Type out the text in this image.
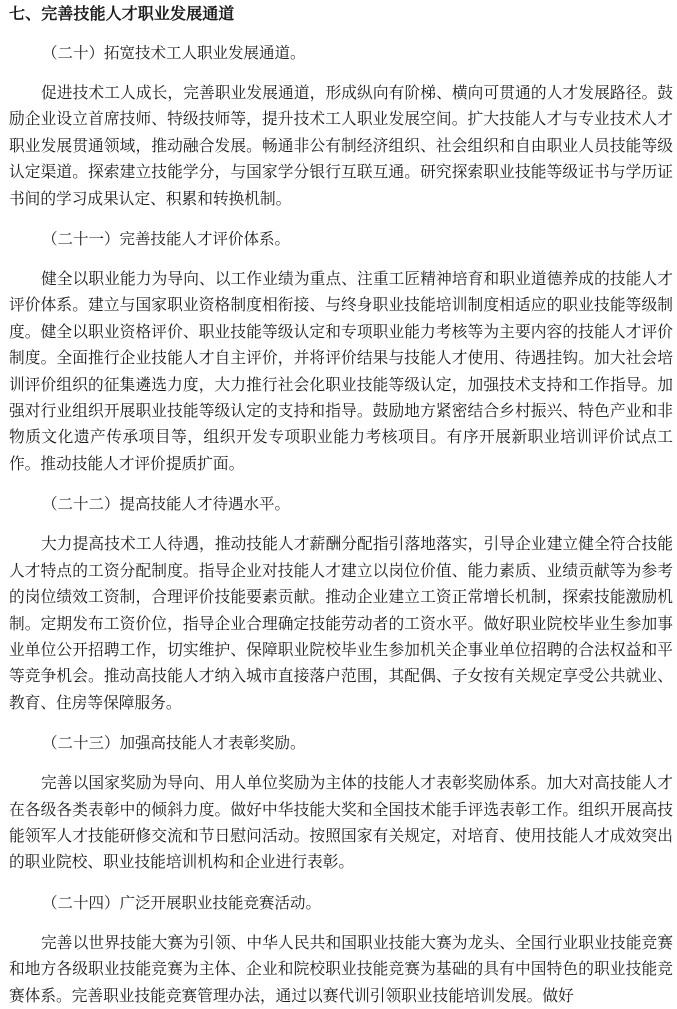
七、完善技能人才职业发展通道

（二十）拓宽技术工人职业发展通道。

促进技术工人成长，完善职业发展通道，形成纵向有阶梯、横向可贯通的人才发展路径。鼓励企业设立首席技师、特级技师等，提升技术工人职业发展空间。扩大技能人才与专业技术人才职业发展贯通领域，推动融合发展。畅通非公有制经济组织、社会组织和自由职业人员技能等级认定渠道。探索建立技能学分，与国家学分银行互联互通。研究探索职业技能等级证书与学历证书间的学习成果认定、积累和转换机制。

（二十一）完善技能人才评价体系。

健全以职业能力为导向、以工作业绩为重点、注重工匠精神培育和职业道德养成的技能人才评价体系。建立与国家职业资格制度相衔接、与终身职业技能培训制度相适应的职业技能等级制度。健全以职业资格评价、职业技能等级认定和专项职业能力考核等为主要内容的技能人才评价制度。全面推行企业技能人才自主评价，并将评价结果与技能人才使用、待遇挂钩。加大社会培训评价组织的征集遴选力度，大力推行社会化职业技能等级认定，加强技术支持和工作指导。加强对行业组织开展职业技能等级认定的支持和指导。鼓励地方紧密结合乡村振兴、特色产业和非物质文化遗产传承项目等，组织开发专项职业能力考核项目。有序开展新职业培训评价试点工作。推动技能人才评价提质扩面。

（二十二）提高技能人才待遇水平。

大力提高技术工人待遇，推动技能人才薪酬分配指引落地落实，引导企业建立健全符合技能人才特点的工资分配制度。指导企业对技能人才建立以岗位价值、能力素质、业绩贡献等为参考的岗位绩效工资制，合理评价技能要素贡献。推动企业建立工资正常增长机制，探索技能激励机制。定期发布工资价位，指导企业合理确定技能劳动者的工资水平。做好职业院校毕业生参加事业单位公开招聘工作，切实维护、保障职业院校毕业生参加机关企事业单位招聘的合法权益和平等竞争机会。推动高技能人才纳入城市直接落户范围，其配偶、子女按有关规定享受公共就业、教育、住房等保障服务。

（二十三）加强高技能人才表彰奖励。

完善以国家奖励为导向、用人单位奖励为主体的技能人才表彰奖励体系。加大对高技能人才在各级各类表彰中的倾斜力度。做好中华技能大奖和全国技术能手评选表彰工作。组织开展高技能领军人才技能研修交流和节日慰问活动。按照国家有关规定，对培育、使用技能人才成效突出的职业院校、职业技能培训机构和企业进行表彰。

（二十四）广泛开展职业技能竞赛活动。

完善以世界技能大赛为引领、中华人民共和国职业技能大赛为龙头、全国行业职业技能竞赛和地方各级职业技能竞赛为主体、企业和院校职业技能竞赛为基础的具有中国特色的职业技能竞赛体系。完善职业技能竞赛管理办法，通过以赛代训引领职业技能培训发展。做好
